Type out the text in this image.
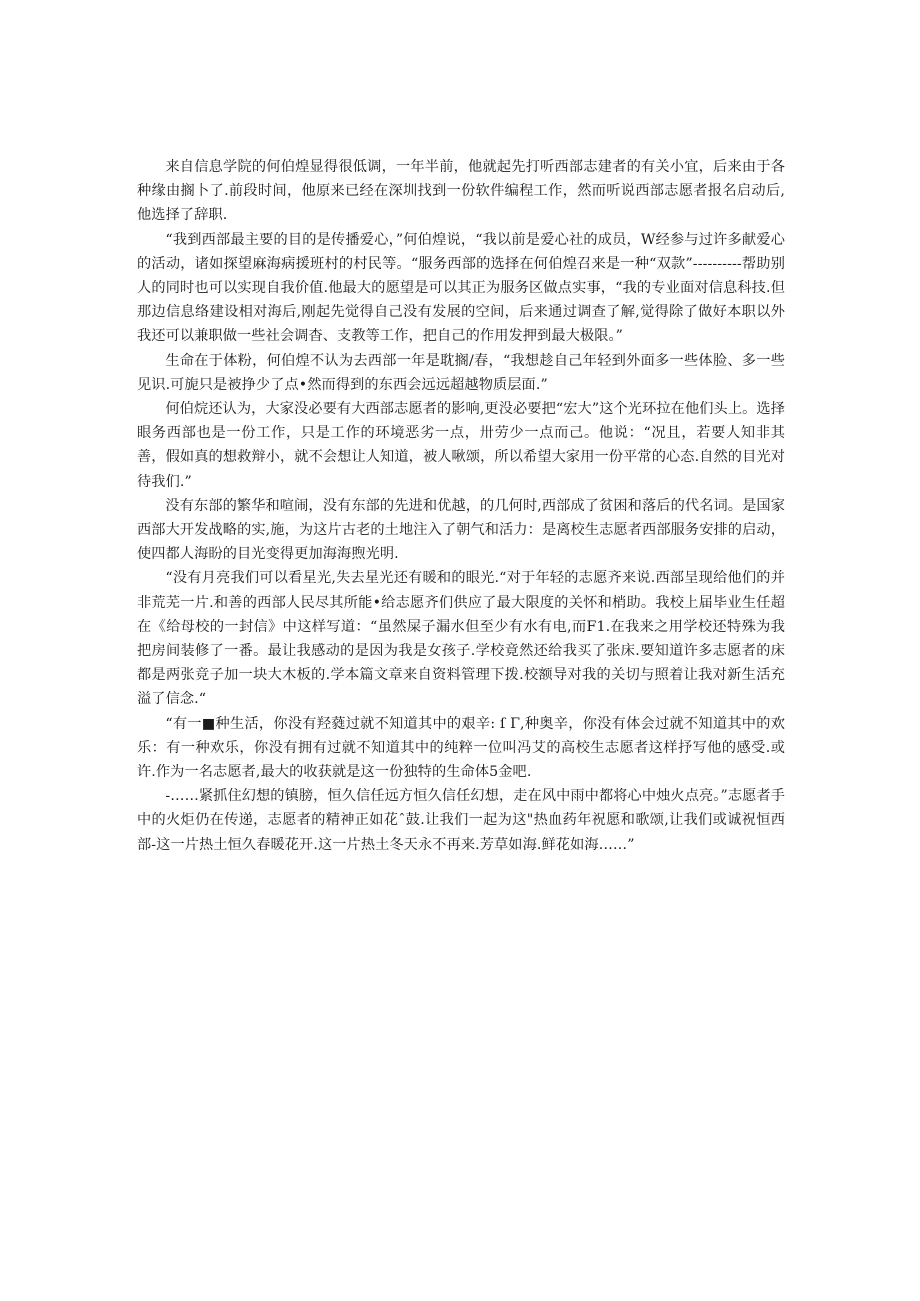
来自信息学院的何伯煌显得很低调，一年半前，他就起先打听西部志建者的有关小宜，后来由于各种缘由搁卜了.前段时间，他原来已经在深圳找到一份软件编程工作，然而听说西部志愿者报名启动后,他选择了辞职.

“我到西部最主要的目的是传播爱心，”何伯煌说，“我以前是爱心社的成员，W经参与过许多献爱心的活动，诸如探望麻海病援班村的村民等。“服务西部的选择在何伯煌召来是一种“双款”----------帮助别人的同时也可以实现自我价值.他最大的愿望是可以其正为服务区做点实事，“我的专业面对信息科技.但那边信息络建设相对海后,刚起先觉得自己没有发展的空间，后来通过调查了解,觉得除了做好本职以外我还可以兼职做一些社会调杳、支教等工作，把自己的作用发押到最大极限。”

生命在于体粉，何伯煌不认为去西部一年是耽搁/春，“我想趁自己年轻到外面多一些体脸、多一些见识.可旎只是被挣少了点•然而得到的东西会远远超越物质层面.”

何伯烷还认为，大家没必要有大西部志愿者的影响,更没必要把“宏大”这个光环拉在他们头上。选择眼务西部也是一份工作，只是工作的环境恶劣一点，卅劳少一点而己。他说：“况且，若要人知非其善，假如真的想救辩小，就不会想让人知道，被人啾颂，所以希望大家用一份平常的心态.自然的目光对待我们.”

没有东部的繁华和喧闹，没有东部的先进和优越，的几何时,西部成了贫困和落后的代名词。是国家西部大开发战略的实,施，为这片古老的土地注入了朝气和活力：是离校生志愿者西部服务安排的启动，使四都人海盼的目光变得更加海海煦光明.

“没有月亮我们可以看星光,失去星光还有暖和的眼光.“对于年轻的志愿齐来说.西部呈现给他们的并非荒芜一片.和善的西部人民尽其所能•给志愿齐们供应了最大限度的关怀和梢助。我校上届毕业生任超在《给母校的一封信》中这样写道：“虽然屎子漏水但至少有水有电,而F1.在我来之用学校还特殊为我把房间装修了一番。最让我感动的是因为我是女孩子.学校竟然还给我买了张床.要知道许多志愿者的床都是两张竞子加一块大木板的.学本篇文章来自资料管理下拨.校额导对我的关切与照着让我对新生活充溢了信念.“

“有一■种生活，你没有羟蕤过就不知道其中的艰辛: ſ Γ,种奥辛，你没有体会过就不知道其中的欢乐：有一种欢乐，你没有拥有过就不知道其中的纯粹一位叫冯艾的高校生志愿者这样抒写他的感受.或许.作为一名志愿者,最大的收获就是这一份独特的生命体5金吧.

-……紧抓住幻想的镇膀，恒久信任远方恒久信任幻想，走在风中雨中都将心中烛火点亮。”志愿者手中的火炬仍在传递，志愿者的精神正如花ˆ鼓.让我们一起为这"热血药年祝愿和歌颂,让我们或诚祝恒西部-这一片热土恒久春暖花开.这一片热土冬天永不再来.芳草如海.鲜花如海……”
